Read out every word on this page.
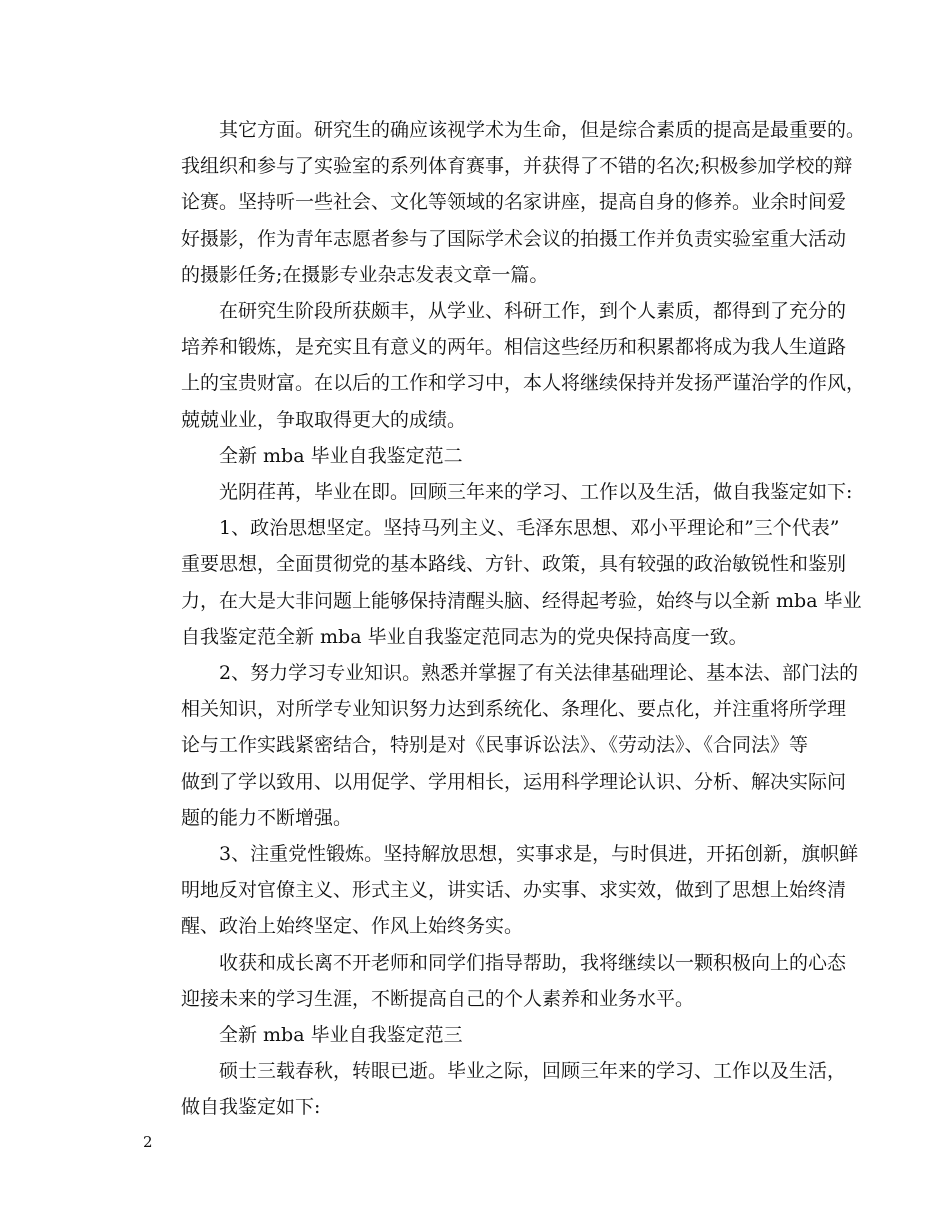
其它方面。研究生的确应该视学术为生命，但是综合素质的提高是最重要的。
我组织和参与了实验室的系列体育赛事，并获得了不错的名次;积极参加学校的辩
论赛。坚持听一些社会、文化等领域的名家讲座，提高自身的修养。业余时间爱
好摄影，作为青年志愿者参与了国际学术会议的拍摄工作并负责实验室重大活动
的摄影任务;在摄影专业杂志发表文章一篇。

在研究生阶段所获颇丰，从学业、科研工作，到个人素质，都得到了充分的
培养和锻炼，是充实且有意义的两年。相信这些经历和积累都将成为我人生道路
上的宝贵财富。在以后的工作和学习中，本人将继续保持并发扬严谨治学的作风，
兢兢业业，争取取得更大的成绩。

全新 mba 毕业自我鉴定范二

光阴荏苒，毕业在即。回顾三年来的学习、工作以及生活，做自我鉴定如下:

1、政治思想坚定。坚持马列主义、毛泽东思想、邓小平理论和”三个代表”
重要思想，全面贯彻党的基本路线、方针、政策，具有较强的政治敏锐性和鉴别
力，在大是大非问题上能够保持清醒头脑、经得起考验，始终与以全新 mba 毕业
自我鉴定范全新 mba 毕业自我鉴定范同志为的党央保持高度一致。

2、努力学习专业知识。熟悉并掌握了有关法律基础理论、基本法、部门法的
相关知识，对所学专业知识努力达到系统化、条理化、要点化，并注重将所学理
论与工作实践紧密结合，特别是对《民事诉讼法》、《劳动法》、《合同法》等
做到了学以致用、以用促学、学用相长，运用科学理论认识、分析、解决实际问
题的能力不断增强。

3、注重党性锻炼。坚持解放思想，实事求是，与时俱进，开拓创新，旗帜鲜
明地反对官僚主义、形式主义，讲实话、办实事、求实效，做到了思想上始终清
醒、政治上始终坚定、作风上始终务实。

收获和成长离不开老师和同学们指导帮助，我将继续以一颗积极向上的心态
迎接未来的学习生涯，不断提高自己的个人素养和业务水平。

全新 mba 毕业自我鉴定范三

硕士三载春秋，转眼已逝。毕业之际，回顾三年来的学习、工作以及生活，
做自我鉴定如下:

2
